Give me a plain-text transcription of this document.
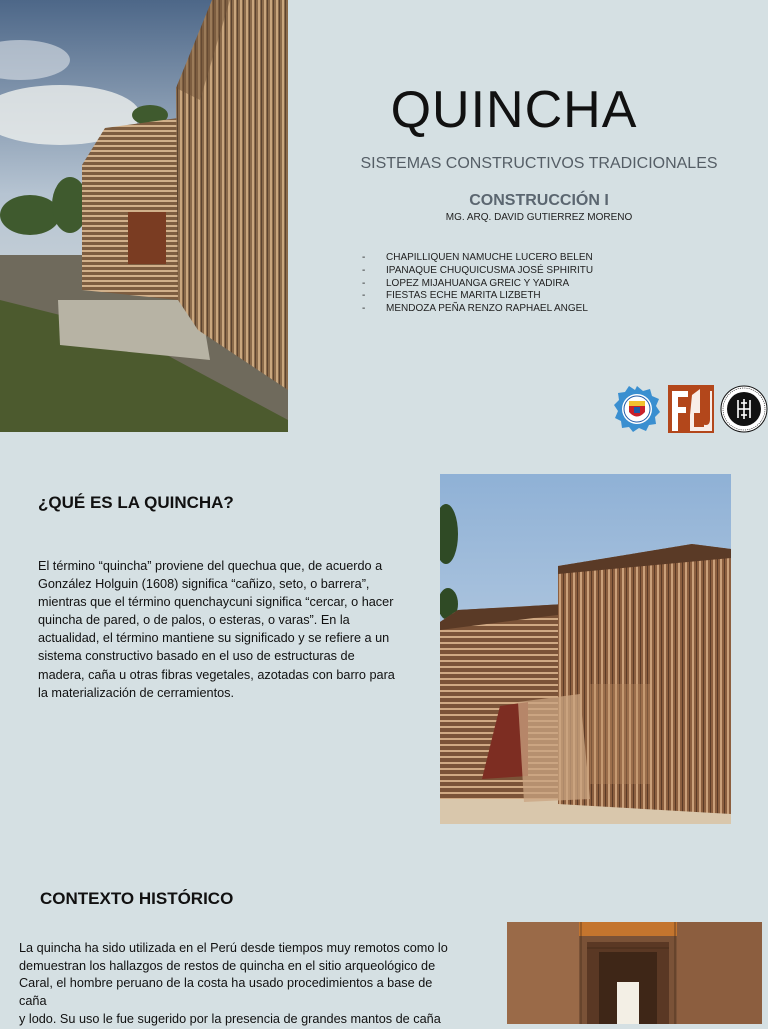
QUINCHA
SISTEMAS CONSTRUCTIVOS TRADICIONALES
CONSTRUCCIÓN I
MG. ARQ. DAVID GUTIERREZ MORENO
- CHAPILLIQUEN NAMUCHE LUCERO BELEN
- IPANAQUE CHUQUICUSMA JOSÉ SPHIRITU
- LOPEZ MIJAHUANGA GREIC Y YADIRA
- FIESTAS ECHE MARITA LIZBETH
- MENDOZA PEÑA RENZO RAPHAEL ANGEL
¿QUÉ ES LA QUINCHA?
El término “quincha” proviene del quechua que, de acuerdo a González Holguin (1608) significa “cañizo, seto, o barrera”, mientras que el término quenchaycuni significa “cercar, o hacer quincha de pared, o de palos, o esteras, o varas”. En la actualidad, el término mantiene su significado y se refiere a un sistema constructivo basado en el uso de estructuras de madera, caña u otras fibras vegetales, azotadas con barro para la materialización de cerramientos.
CONTEXTO HISTÓRICO
La quincha ha sido utilizada en el Perú desde tiempos muy remotos como lo
demuestran los hallazgos de restos de quincha en el sitio arqueológico de
Caral, el hombre peruano de la costa ha usado procedimientos a base de
caña
y lodo. Su uso le fue sugerido por la presencia de grandes mantos de caña
